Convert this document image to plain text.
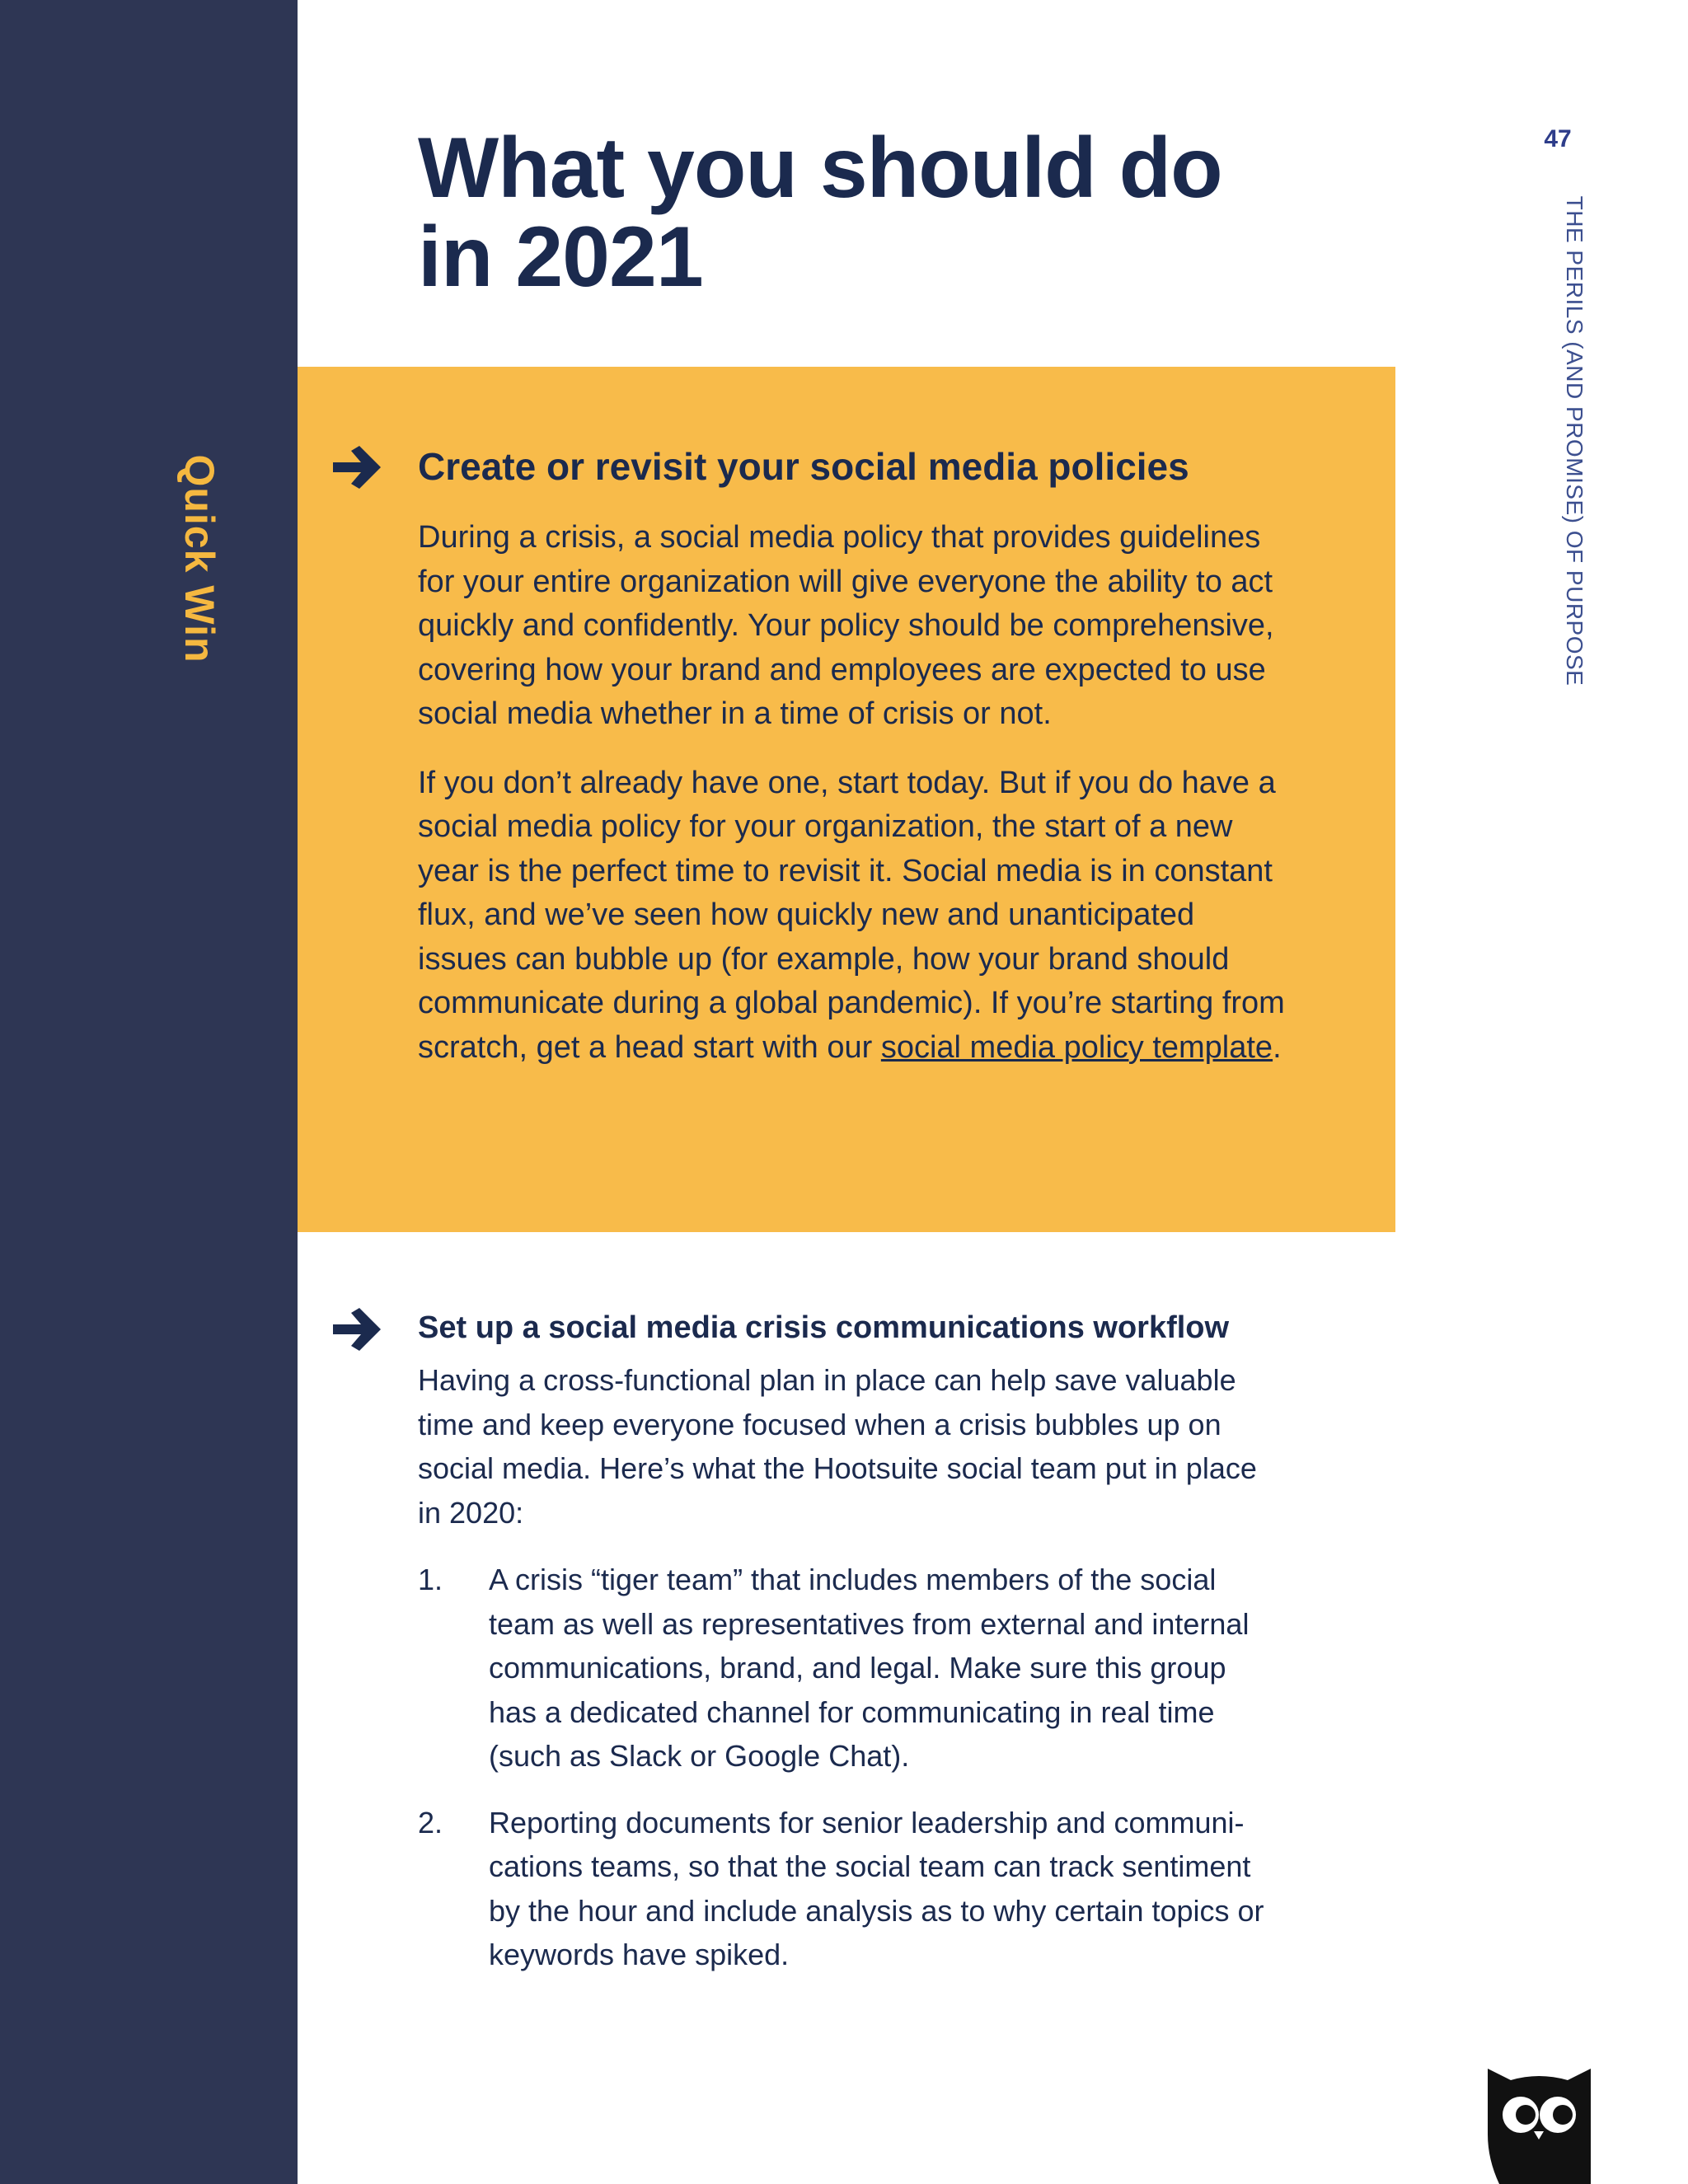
Quick Win
47
THE PERILS (AND PROMISE) OF PURPOSE
What you should do
in 2021
Create or revisit your social media policies

During a crisis, a social media policy that provides guidelines for your entire organization will give everyone the ability to act quickly and confidently. Your policy should be comprehensive, covering how your brand and employees are expected to use social media whether in a time of crisis or not.

If you don’t already have one, start today. But if you do have a social media policy for your organization, the start of a new year is the perfect time to revisit it. Social media is in constant flux, and we’ve seen how quickly new and unanticipated issues can bubble up (for example, how your brand should communicate during a global pandemic). If you’re starting from scratch, get a head start with our social media policy template.

Set up a social media crisis communications workflow

Having a cross-functional plan in place can help save valuable time and keep everyone focused when a crisis bubbles up on social media. Here’s what the Hootsuite social team put in place in 2020:

1. A crisis “tiger team” that includes members of the social team as well as representatives from external and internal communications, brand, and legal. Make sure this group has a dedicated channel for communicating in real time (such as Slack or Google Chat).
2. Reporting documents for senior leadership and communications teams, so that the social team can track sentiment by the hour and include analysis as to why certain topics or keywords have spiked.
